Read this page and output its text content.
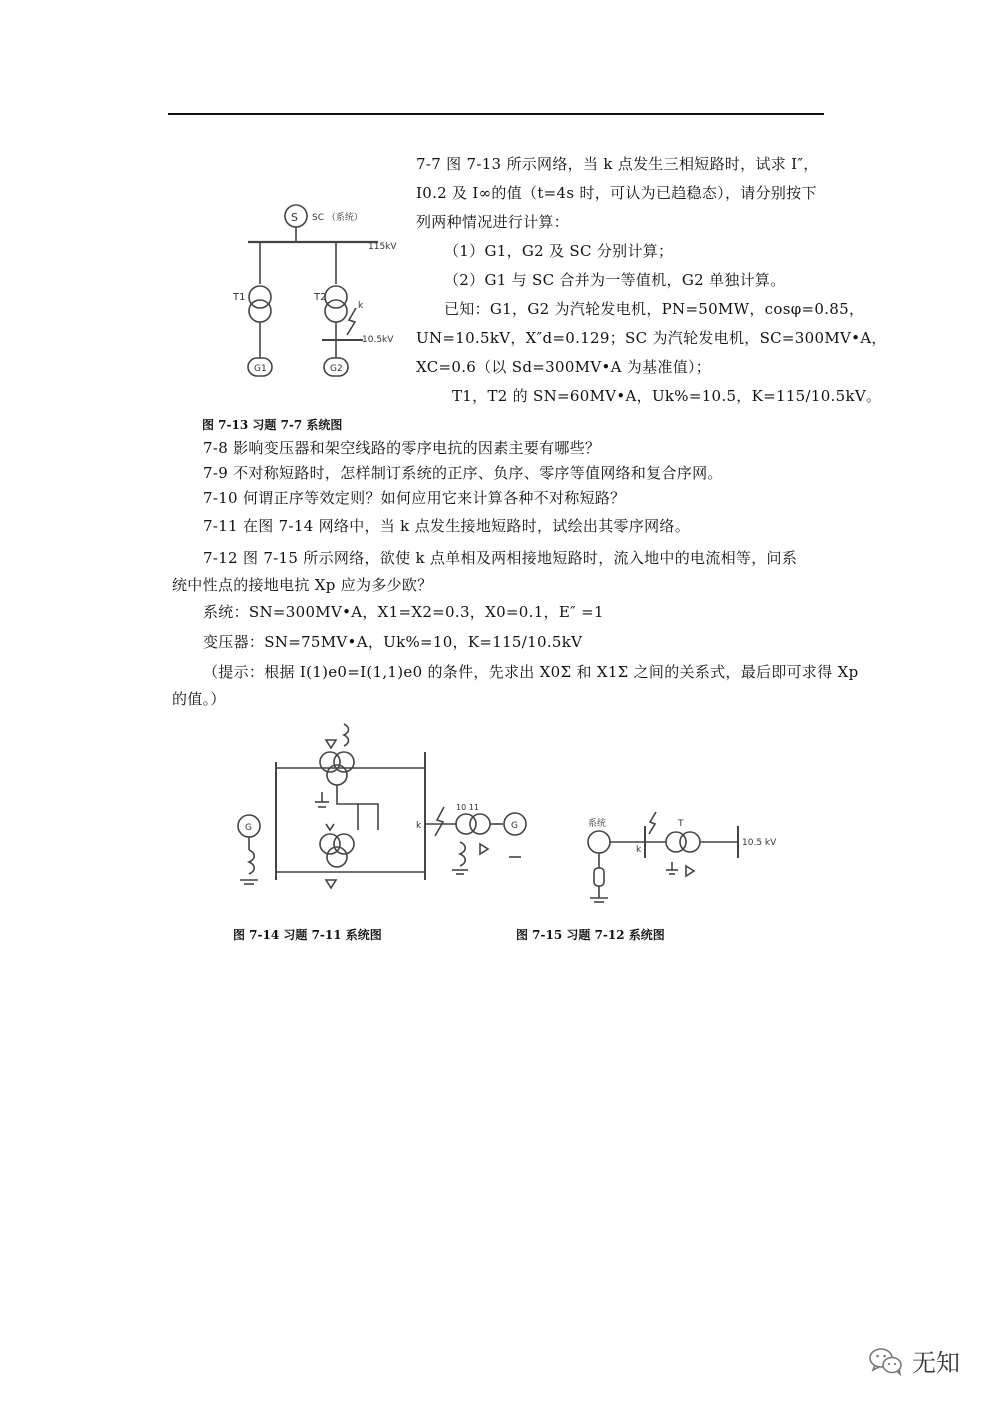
7-7 图 7-13 所示网络，当 k 点发生三相短路时，试求 I″，
I0.2 及 I∞的值（t=4s 时，可认为已趋稳态），请分别按下
列两种情况进行计算：
（1）G1，G2 及 SC 分别计算；
（2）G1 与 SC 合并为一等值机，G2 单独计算。
已知：G1，G2 为汽轮发电机，PN=50MW，cosφ=0.85，
UN=10.5kV，X″d=0.129；SC 为汽轮发电机，SC=300MV•A，
XC=0.6（以 Sd=300MV•A 为基准值）；
T1，T2 的 SN=60MV•A，Uk%=10.5，K=115/10.5kV。
S SC （系统）
115kV
T1	T2
k
10.5kV
G1	G2
图 7-13 习题 7-7 系统图
7-8 影响变压器和架空线路的零序电抗的因素主要有哪些？
7-9 不对称短路时，怎样制订系统的正序、负序、零序等值网络和复合序网。
7-10 何谓正序等效定则？如何应用它来计算各种不对称短路？
7-11 在图 7-14 网络中，当 k 点发生接地短路时，试绘出其零序网络。
7-12 图 7-15 所示网络，欲使 k 点单相及两相接地短路时，流入地中的电流相等，问系
统中性点的接地电抗 Xp 应为多少欧？
系统：SN=300MV•A，X1=X2=0.3，X0=0.1，E″ =1
变压器：SN=75MV•A，Uk%=10，K=115/10.5kV
（提示：根据 I(1)e0=I(1,1)e0 的条件，先求出 X0Σ 和 X1Σ 之间的关系式，最后即可求得 Xp
的值。）
G	k
10 11
G
图 7-14 习题 7-11 系统图
系统
k
T
10.5 kV
图 7-15 习题 7-12 系统图
无知
